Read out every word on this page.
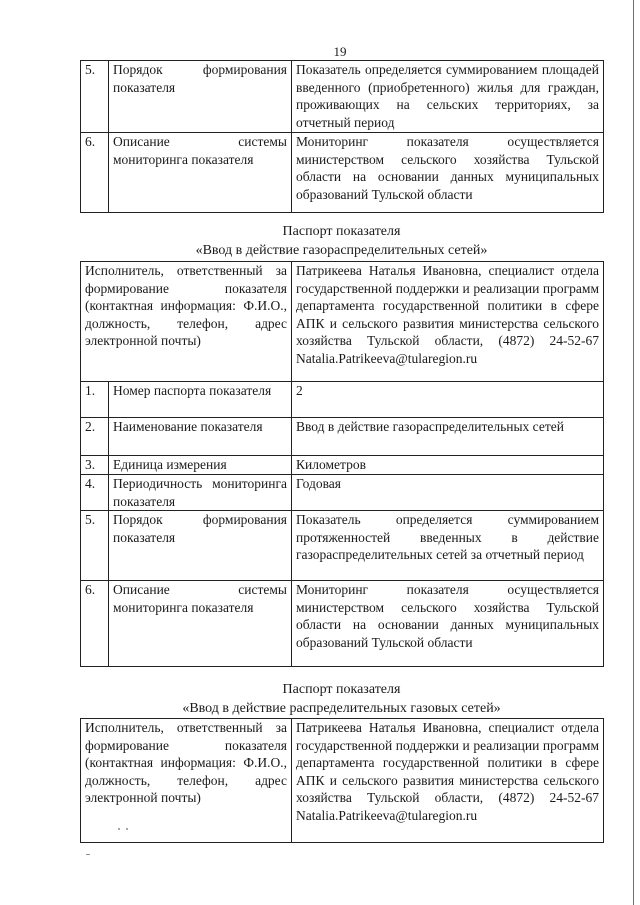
19
5.	Порядок формирования показателя	Показатель определяется суммированием площадей введенного (приобретенного) жилья для граждан, проживающих на сельских территориях, за отчетный период
6.	Описание системы мониторинга показателя	Мониторинг показателя осуществляется министерством сельского хозяйства Тульской области на основании данных муниципальных образований Тульской области
Паспорт показателя
«Ввод в действие газораспределительных сетей»
Исполнитель, ответственный за формирование показателя (контактная информация: Ф.И.О., должность, телефон, адрес электронной почты)		Патрикеева Наталья Ивановна, специалист отдела государственной поддержки и реализации программ департамента государственной политики в сфере АПК и сельского развития министерства сельского хозяйства Тульской области, (4872) 24-52-67 Natalia.Patrikeeva@tularegion.ru
1.	Номер паспорта показателя	2
2.	Наименование показателя	Ввод в действие газораспределительных сетей
3.	Единица измерения	Километров
4.	Периодичность мониторинга показателя	Годовая
5.	Порядок формирования показателя	Показатель определяется суммированием протяженностей введенных в действие газораспределительных сетей за отчетный период
6.	Описание системы мониторинга показателя	Мониторинг показателя осуществляется министерством сельского хозяйства Тульской области на основании данных муниципальных образований Тульской области
Паспорт показателя
«Ввод в действие распределительных газовых сетей»
Исполнитель, ответственный за формирование показателя (контактная информация: Ф.И.О., должность, телефон, адрес электронной почты)	Патрикеева Наталья Ивановна, специалист отдела государственной поддержки и реализации программ департамента государственной политики в сфере АПК и сельского развития министерства сельского хозяйства Тульской области, (4872) 24-52-67 Natalia.Patrikeeva@tularegion.ru
